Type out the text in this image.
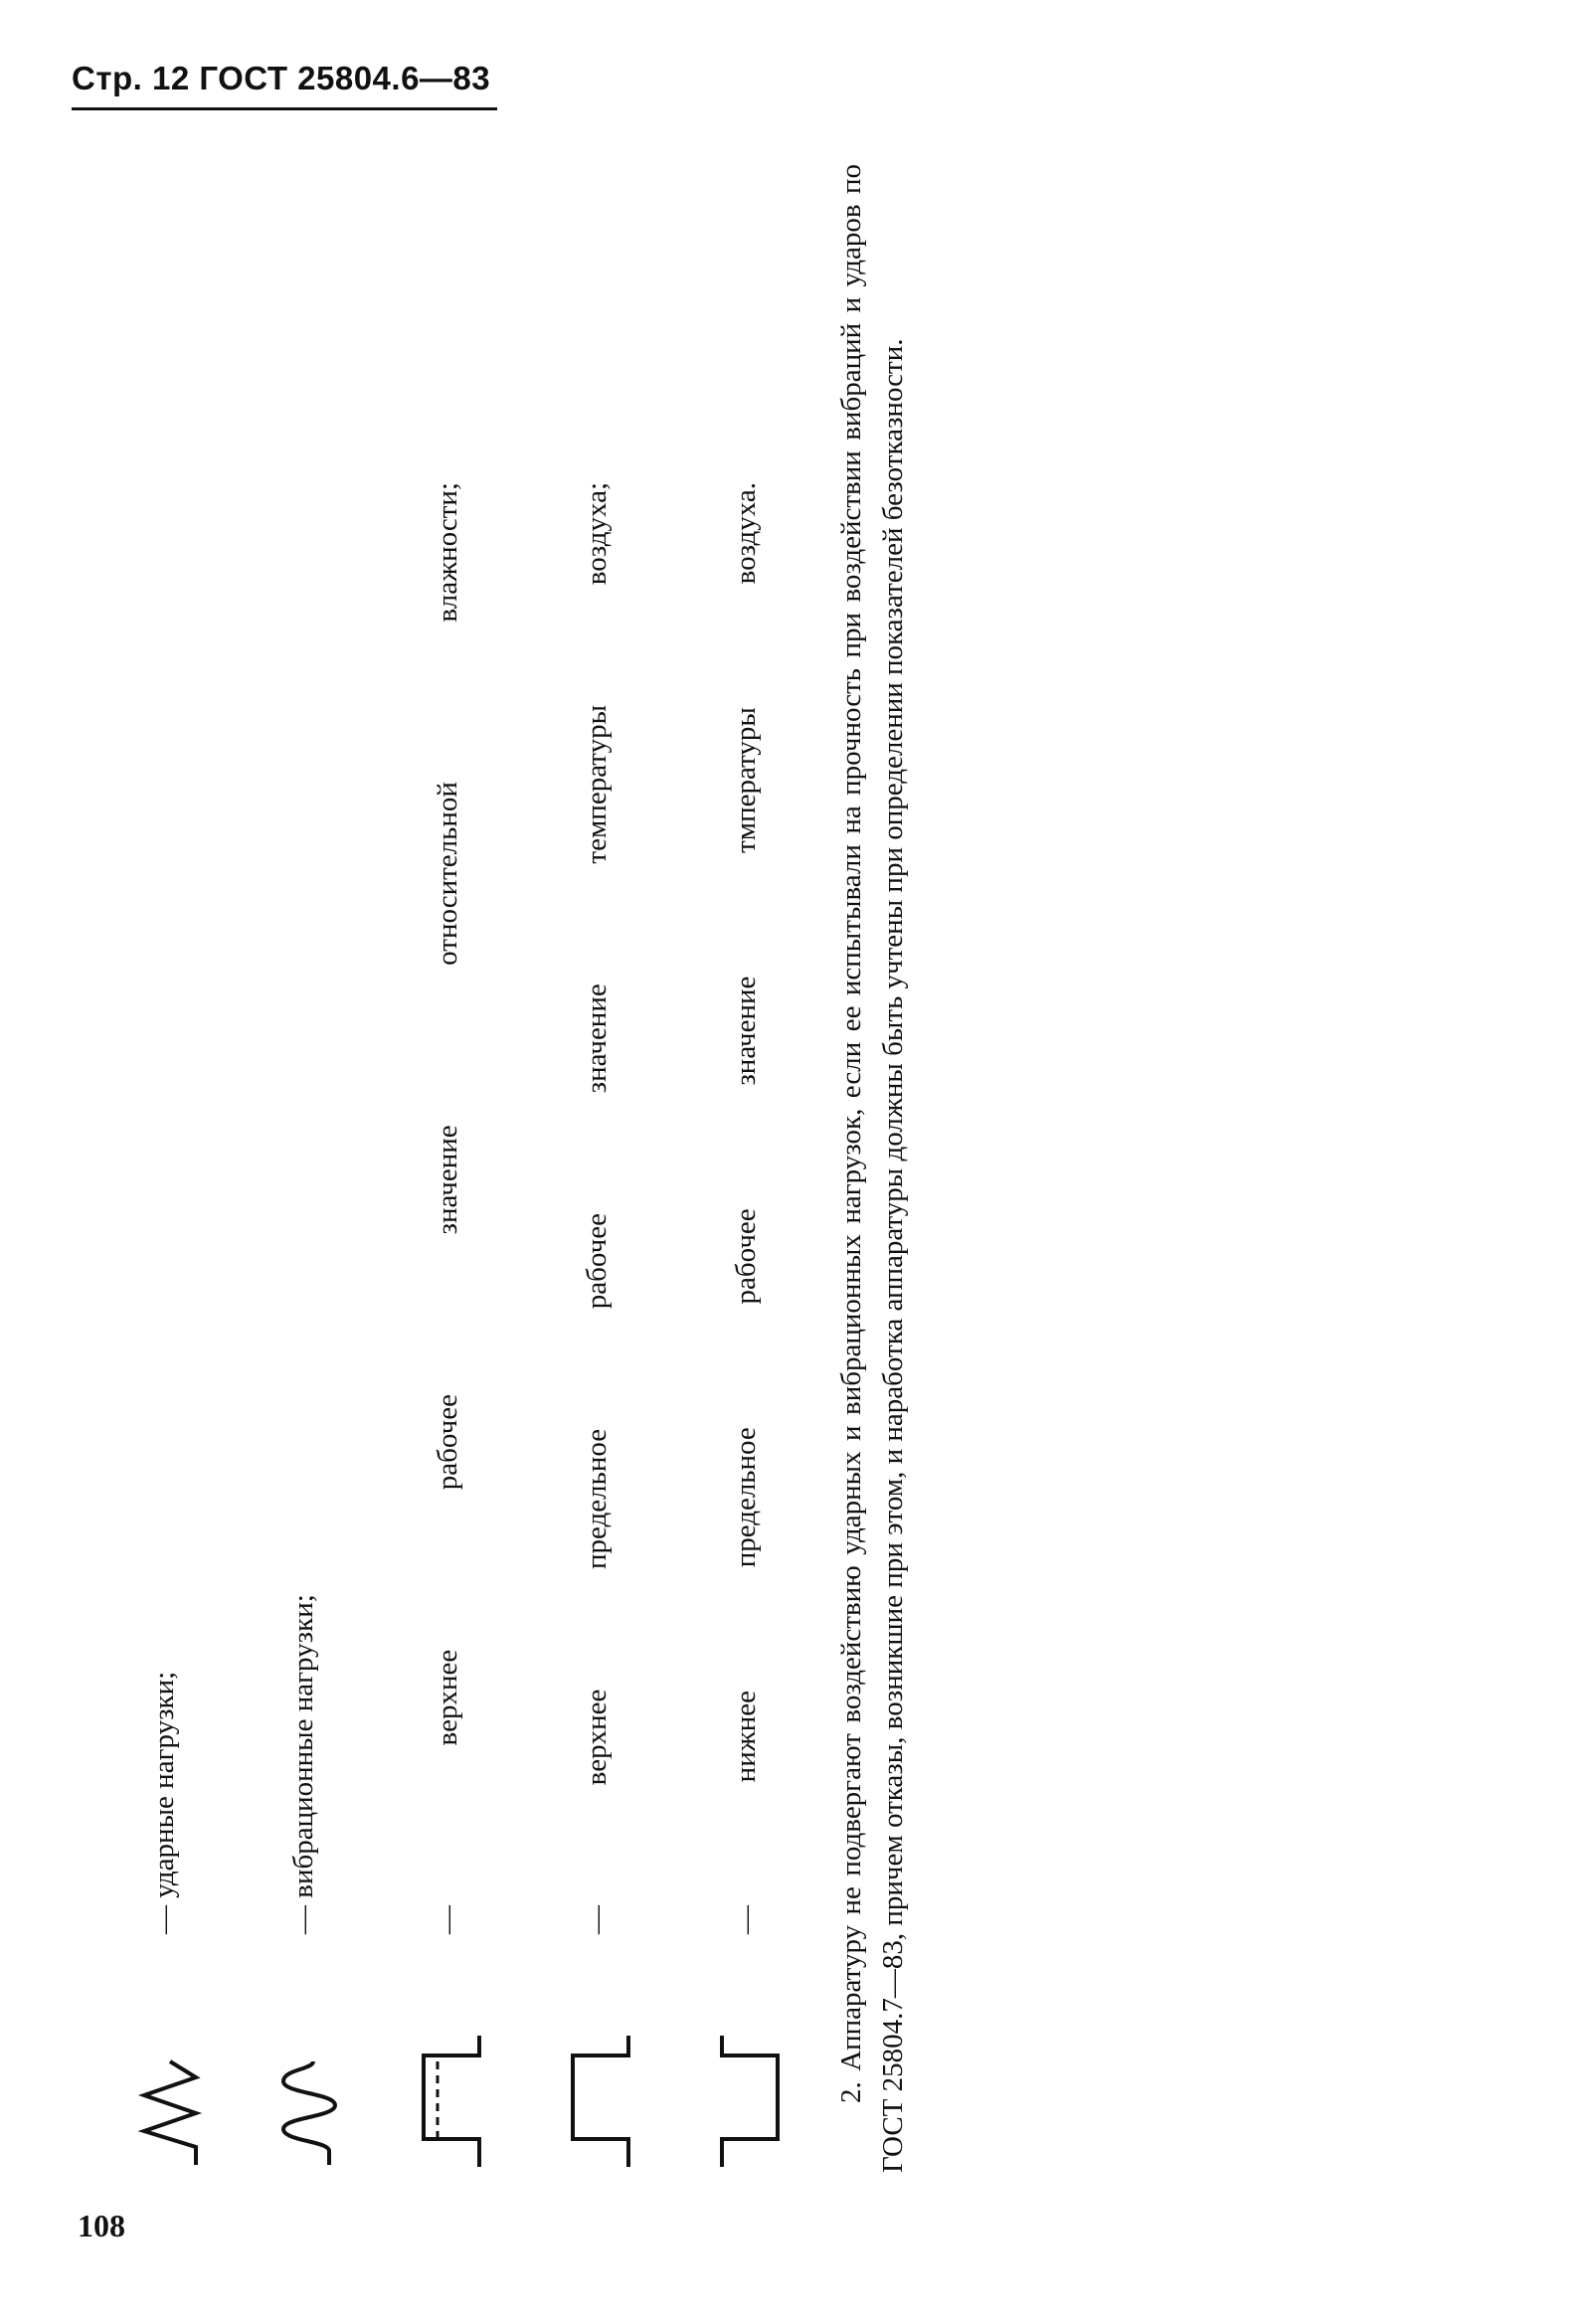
Стр. 12 ГОСТ 25804.6—83
— ударные нагрузки;	— вибрационные нагрузки;	— верхнее рабочее значение относительной влажности;	— верхнее предельное рабочее значение температуры воздуха;	— нижнее предельное рабочее значение тмпературы воздуха.	2. Аппаратуру не подвергают воздействию ударных и вибрационных нагрузок, если ее испытывали на прочность при воздействии вибраций и ударов по ГОСТ 25804.7—83, причем отказы, возникшие при этом, и наработка аппаратуры должны быть учтены при определении показателей безотказности.
108
